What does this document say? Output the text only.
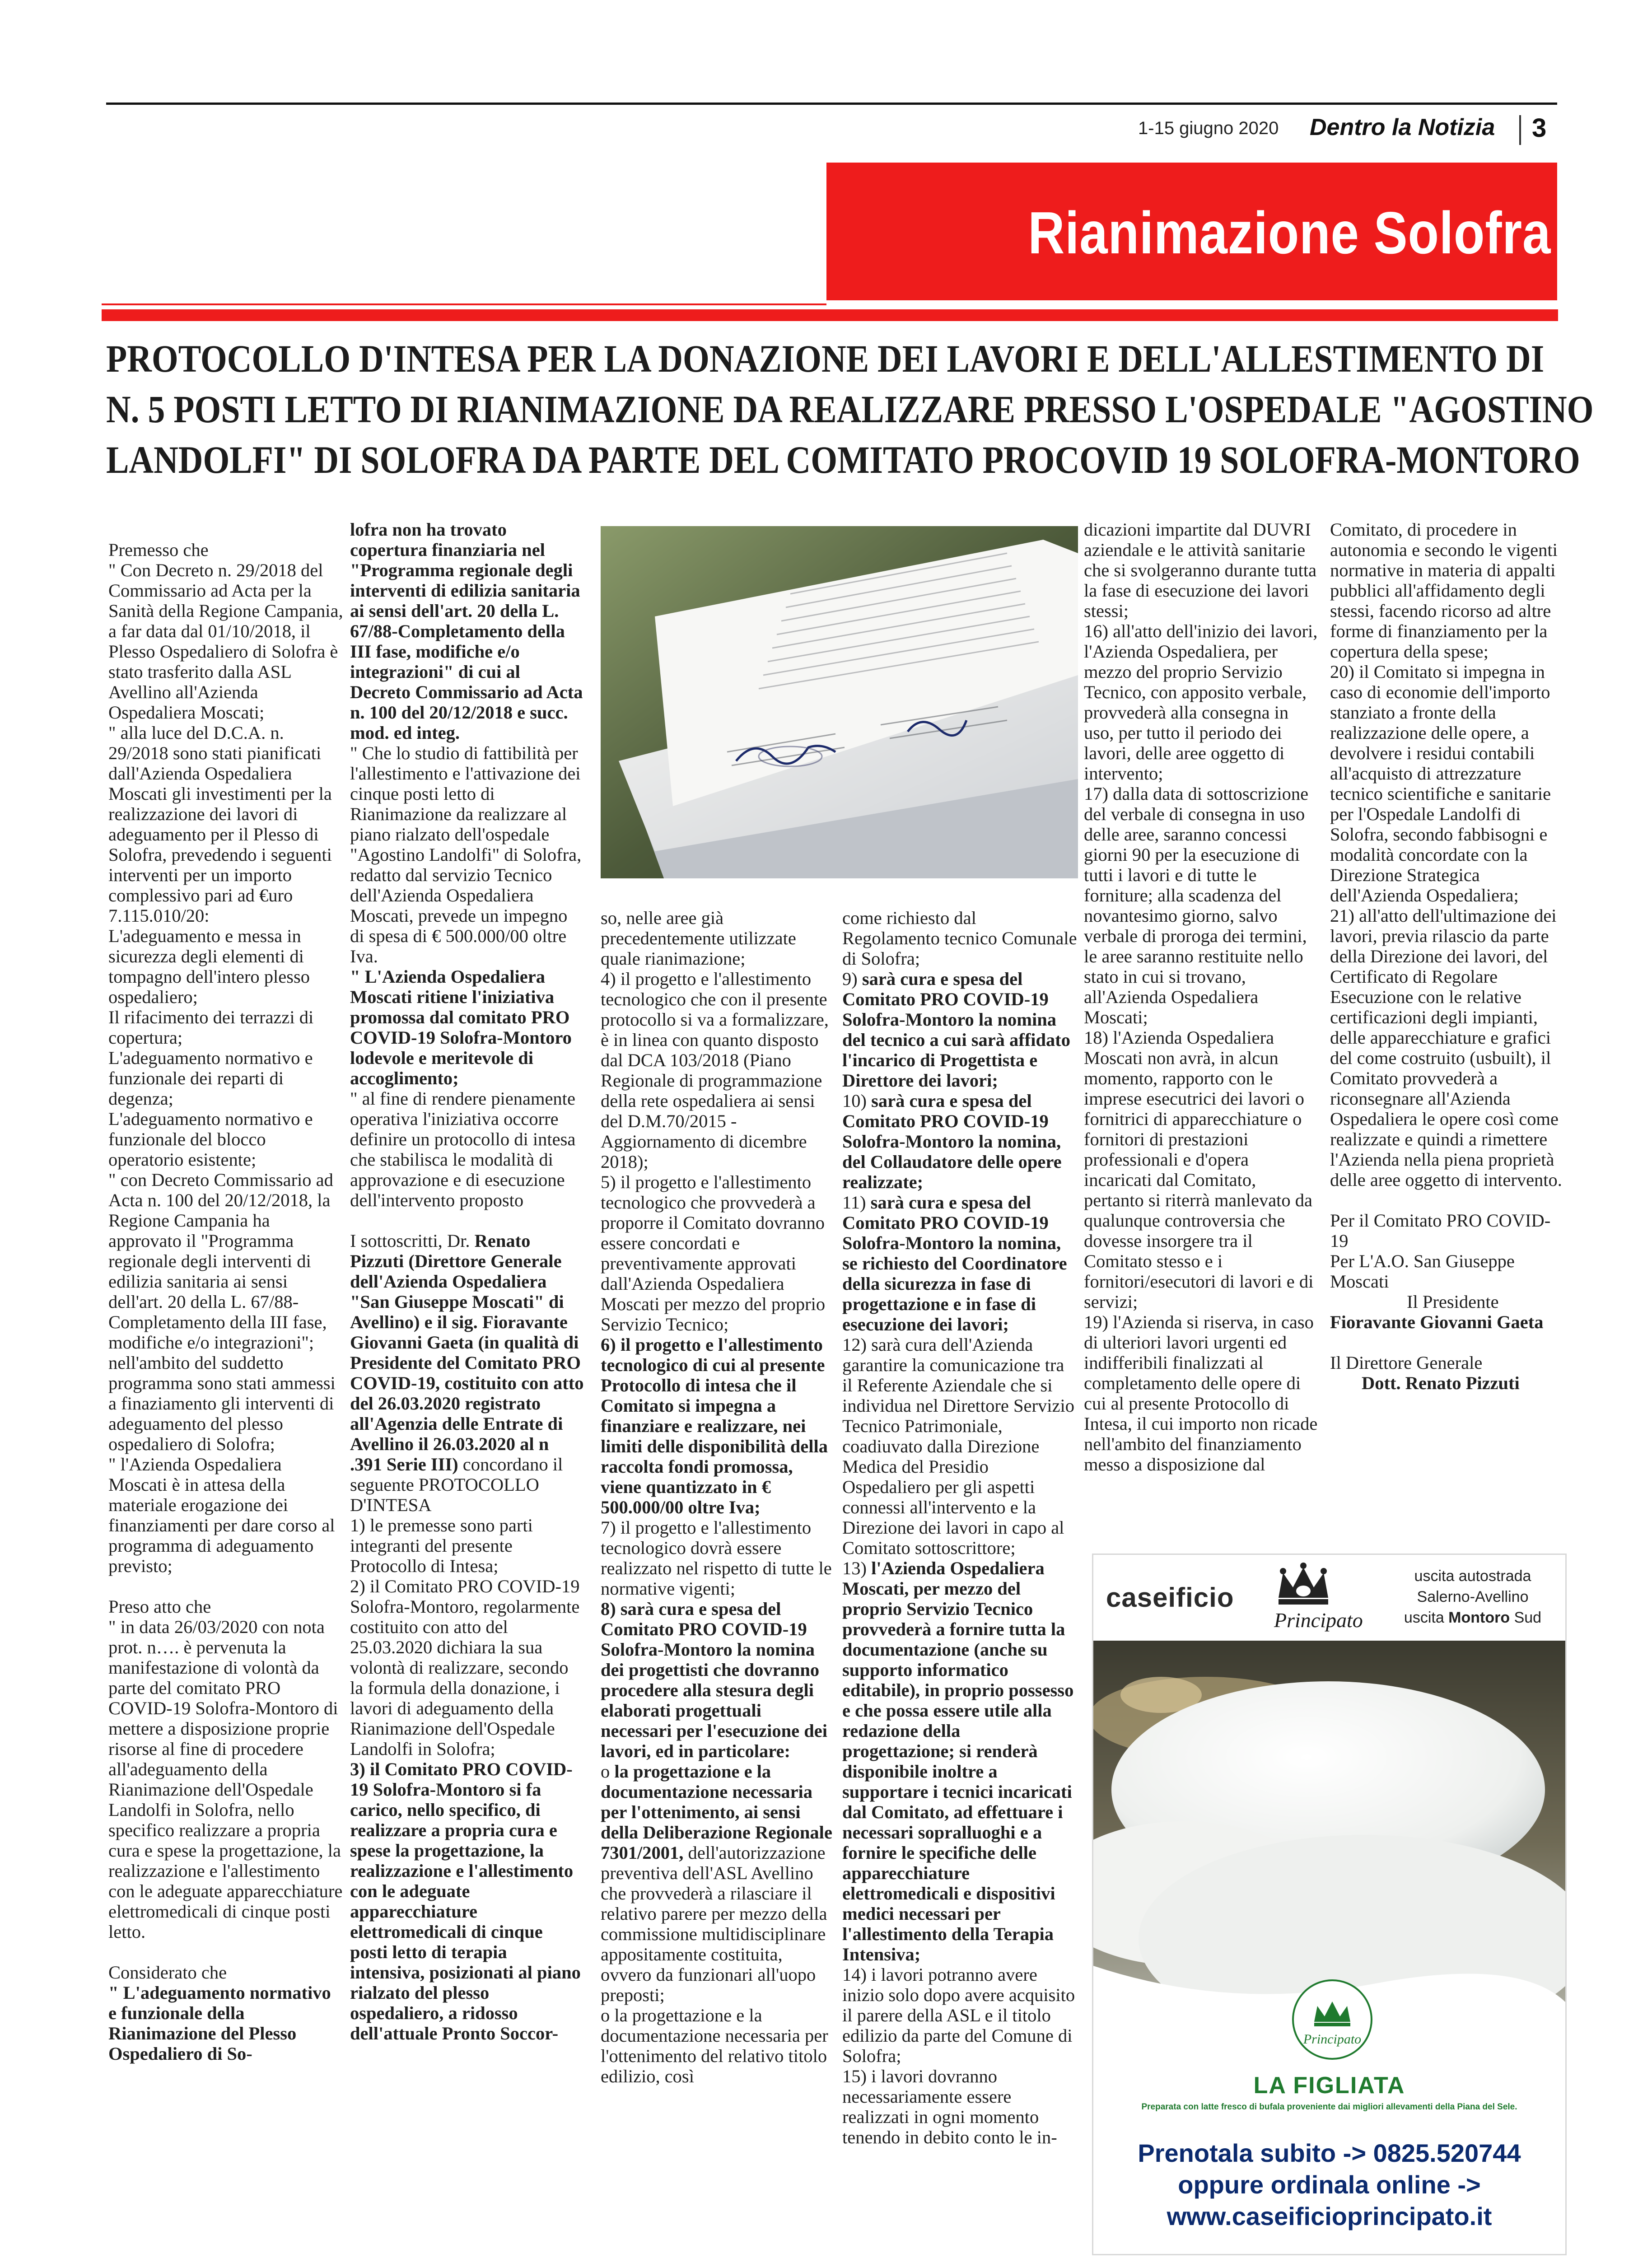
1-15 giugno 2020 Dentro la Notizia 3
Rianimazione Solofra
PROTOCOLLO D'INTESA PER LA DONAZIONE DEI LAVORI E DELL'ALLESTIMENTO DI
N. 5 POSTI LETTO DI RIANIMAZIONE DA REALIZZARE PRESSO L'OSPEDALE "AGOSTINO
LANDOLFI" DI SOLOFRA DA PARTE DEL COMITATO PROCOVID 19 SOLOFRA-MONTORO

Premesso che

" Con Decreto n. 29/2018 del Commissario ad Acta per la Sanità della Regione Campania, a far data dal 01/10/2018, il Plesso Ospedaliero di Solofra è stato trasferito dalla ASL Avellino all'Azienda Ospedaliera Moscati;

" alla luce del D.C.A. n. 29/2018 sono stati pianificati dall'Azienda Ospedaliera Moscati gli investimenti per la realizzazione dei lavori di adeguamento per il Plesso di Solofra, prevedendo i seguenti interventi per un importo complessivo pari ad €uro 7.115.010/20:

L'adeguamento e messa in sicurezza degli elementi di tompagno dell'intero plesso ospedaliero;

Il rifacimento dei terrazzi di copertura;

L'adeguamento normativo e funzionale dei reparti di degenza;

L'adeguamento normativo e funzionale del blocco operatorio esistente;

" con Decreto Commissario ad Acta n. 100 del 20/12/2018, la Regione Campania ha approvato il "Programma regionale degli interventi di edilizia sanitaria ai sensi dell'art. 20 della L. 67/88-Completamento della III fase, modifiche e/o integrazioni"; nell'ambito del suddetto programma sono stati ammessi a finaziamento gli interventi di adeguamento del plesso ospedaliero di Solofra;

" l'Azienda Ospedaliera Moscati è in attesa della materiale erogazione dei finanziamenti per dare corso al programma di adeguamento previsto;

Preso atto che

" in data 26/03/2020 con nota prot. n…. è pervenuta la manifestazione di volontà da parte del comitato PRO COVID-19 Solofra-Montoro di mettere a disposizione proprie risorse al fine di procedere all'adeguamento della Rianimazione dell'Ospedale Landolfi in Solofra, nello specifico realizzare a propria cura e spese la progettazione, la realizzazione e l'allestimento con le adeguate apparecchiature elettromedicali di cinque posti letto.

Considerato che

" L'adeguamento normativo e funzionale della Rianimazione del Plesso Ospedaliero di So-

lofra non ha trovato copertura finanziaria nel "Programma regionale degli interventi di edilizia sanitaria ai sensi dell'art. 20 della L. 67/88-Completamento della III fase, modifiche e/o integrazioni" di cui al Decreto Commissario ad Acta n. 100 del 20/12/2018 e succ. mod. ed integ.

" Che lo studio di fattibilità per l'allestimento e l'attivazione dei cinque posti letto di Rianimazione da realizzare al piano rialzato dell'ospedale "Agostino Landolfi" di Solofra, redatto dal servizio Tecnico dell'Azienda Ospedaliera Moscati, prevede un impegno di spesa di € 500.000/00 oltre Iva.

" L'Azienda Ospedaliera Moscati ritiene l'iniziativa promossa dal comitato PRO COVID-19 Solofra-Montoro lodevole e meritevole di accoglimento;

" al fine di rendere pienamente operativa l'iniziativa occorre definire un protocollo di intesa che stabilisca le modalità di approvazione e di esecuzione dell'intervento proposto

I sottoscritti, Dr. Renato Pizzuti (Direttore Generale dell'Azienda Ospedaliera "San Giuseppe Moscati" di Avellino) e il sig. Fioravante Giovanni Gaeta (in qualità di Presidente del Comitato PRO COVID-19, costituito con atto del 26.03.2020 registrato all'Agenzia delle Entrate di Avellino il 26.03.2020 al n .391 Serie III) concordano il seguente PROTOCOLLO D'INTESA

1) le premesse sono parti integranti del presente Protocollo di Intesa;

2) il Comitato PRO COVID-19 Solofra-Montoro, regolarmente costituito con atto del 25.03.2020 dichiara la sua volontà di realizzare, secondo la formula della donazione, i lavori di adeguamento della Rianimazione dell'Ospedale Landolfi in Solofra;

3) il Comitato PRO COVID-19 Solofra-Montoro si fa carico, nello specifico, di realizzare a propria cura e spese la progettazione, la realizzazione e l'allestimento con le adeguate apparecchiature elettromedicali di cinque posti letto di terapia intensiva, posizionati al piano rialzato del plesso ospedaliero, a ridosso dell'attuale Pronto Soccor-

so, nelle aree già precedentemente utilizzate quale rianimazione;

4) il progetto e l'allestimento tecnologico che con il presente protocollo si va a formalizzare, è in linea con quanto disposto dal DCA 103/2018 (Piano Regionale di programmazione della rete ospedaliera ai sensi del D.M.70/2015 - Aggiornamento di dicembre 2018);

5) il progetto e l'allestimento tecnologico che provvederà a proporre il Comitato dovranno essere concordati e preventivamente approvati dall'Azienda Ospedaliera Moscati per mezzo del proprio Servizio Tecnico;

6) il progetto e l'allestimento tecnologico di cui al presente Protocollo di intesa che il Comitato si impegna a finanziare e realizzare, nei limiti delle disponibilità della raccolta fondi promossa, viene quantizzato in € 500.000/00 oltre Iva;

7) il progetto e l'allestimento tecnologico dovrà essere realizzato nel rispetto di tutte le normative vigenti;

8) sarà cura e spesa del Comitato PRO COVID-19 Solofra-Montoro la nomina dei progettisti che dovranno procedere alla stesura degli elaborati progettuali necessari per l'esecuzione dei lavori, ed in particolare:

o la progettazione e la documentazione necessaria per l'ottenimento, ai sensi della Deliberazione Regionale 7301/2001, dell'autorizzazione preventiva dell'ASL Avellino che provvederà a rilasciare il relativo parere per mezzo della commissione multidisciplinare appositamente costituita, ovvero da funzionari all'uopo preposti;

o la progettazione e la documentazione necessaria per l'ottenimento del relativo titolo edilizio, così

come richiesto dal Regolamento tecnico Comunale di Solofra;

9) sarà cura e spesa del Comitato PRO COVID-19 Solofra-Montoro la nomina del tecnico a cui sarà affidato l'incarico di Progettista e Direttore dei lavori;

10) sarà cura e spesa del Comitato PRO COVID-19 Solofra-Montoro la nomina, del Collaudatore delle opere realizzate;

11) sarà cura e spesa del Comitato PRO COVID-19 Solofra-Montoro la nomina, se richiesto del Coordinatore della sicurezza in fase di progettazione e in fase di esecuzione dei lavori;

12) sarà cura dell'Azienda garantire la comunicazione tra il Referente Aziendale che si individua nel Direttore Servizio Tecnico Patrimoniale, coadiuvato dalla Direzione Medica del Presidio Ospedaliero per gli aspetti connessi all'intervento e la Direzione dei lavori in capo al Comitato sottoscrittore;

13) l'Azienda Ospedaliera Moscati, per mezzo del proprio Servizio Tecnico provvederà a fornire tutta la documentazione (anche su supporto informatico editabile), in proprio possesso e che possa essere utile alla redazione della progettazione; si renderà disponibile inoltre a supportare i tecnici incaricati dal Comitato, ad effettuare i necessari sopralluoghi e a fornire le specifiche delle apparecchiature elettromedicali e dispositivi medici necessari per l'allestimento della Terapia Intensiva;

14) i lavori potranno avere inizio solo dopo avere acquisito il parere della ASL e il titolo edilizio da parte del Comune di Solofra;

15) i lavori dovranno necessariamente essere realizzati in ogni momento tenendo in debito conto le in-

dicazioni impartite dal DUVRI aziendale e le attività sanitarie che si svolgeranno durante tutta la fase di esecuzione dei lavori stessi;

16) all'atto dell'inizio dei lavori, l'Azienda Ospedaliera, per mezzo del proprio Servizio Tecnico, con apposito verbale, provvederà alla consegna in uso, per tutto il periodo dei lavori, delle aree oggetto di intervento;

17) dalla data di sottoscrizione del verbale di consegna in uso delle aree, saranno concessi giorni 90 per la esecuzione di tutti i lavori e di tutte le forniture; alla scadenza del novantesimo giorno, salvo verbale di proroga dei termini, le aree saranno restituite nello stato in cui si trovano, all'Azienda Ospedaliera Moscati;

18) l'Azienda Ospedaliera Moscati non avrà, in alcun momento, rapporto con le imprese esecutrici dei lavori o fornitrici di apparecchiature o fornitori di prestazioni professionali e d'opera incaricati dal Comitato, pertanto si riterrà manlevato da qualunque controversia che dovesse insorgere tra il Comitato stesso e i fornitori/esecutori di lavori e di servizi;

19) l'Azienda si riserva, in caso di ulteriori lavori urgenti ed indifferibili finalizzati al completamento delle opere di cui al presente Protocollo di Intesa, il cui importo non ricade nell'ambito del finanziamento messo a disposizione dal

Comitato, di procedere in autonomia e secondo le vigenti normative in materia di appalti pubblici all'affidamento degli stessi, facendo ricorso ad altre forme di finanziamento per la copertura della spese;

20) il Comitato si impegna in caso di economie dell'importo stanziato a fronte della realizzazione delle opere, a devolvere i residui contabili all'acquisto di attrezzature tecnico scientifiche e sanitarie per l'Ospedale Landolfi di Solofra, secondo fabbisogni e modalità concordate con la Direzione Strategica dell'Azienda Ospedaliera;

21) all'atto dell'ultimazione dei lavori, previa rilascio da parte della Direzione dei lavori, del Certificato di Regolare Esecuzione con le relative certificazioni degli impianti, delle apparecchiature e grafici del come costruito (usbuilt), il Comitato provvederà a riconsegnare all'Azienda Ospedaliera le opere così come realizzate e quindi a rimettere l'Azienda nella piena proprietà delle aree oggetto di intervento.

Per il Comitato PRO COVID-19

Per L'A.O. San Giuseppe Moscati

Il Presidente

Fioravante Giovanni Gaeta

Il Direttore Generale

Dott. Renato Pizzuti

caseificio
Principato
uscita autostrada
Salerno-Avellino
uscita Montoro Sud
Principato
LA FIGLIATA
Preparata con latte fresco di bufala proveniente dai migliori allevamenti della Piana del Sele.
Prenotala subito -> 0825.520744
oppure ordinala online ->
www.caseificioprincipato.it
